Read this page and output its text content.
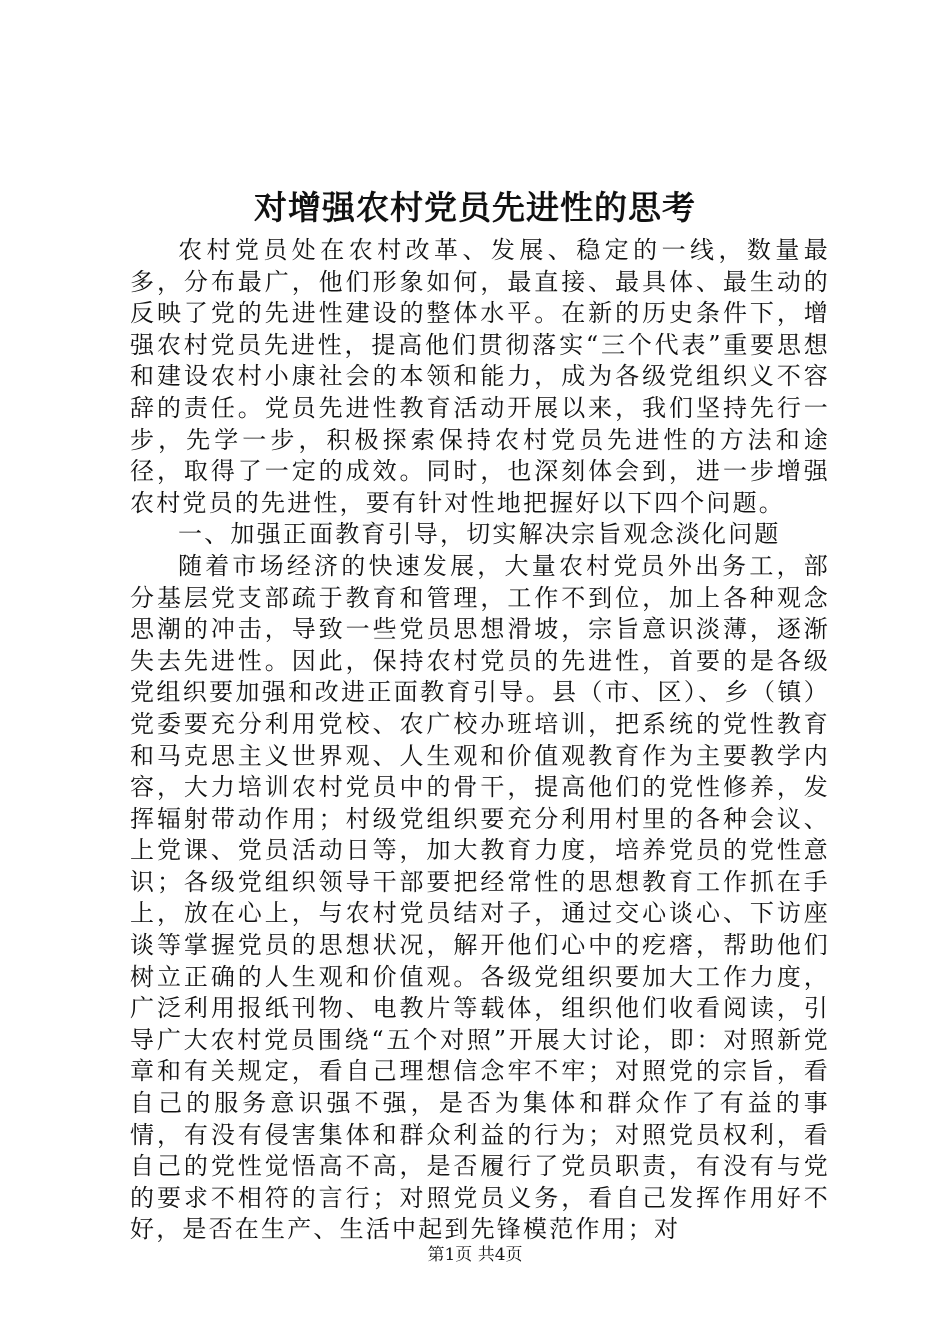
对增强农村党员先进性的思考

农村党员处在农村改革、发展、稳定的一线，数量最多，分布最广，他们形象如何，最直接、最具体、最生动的反映了党的先进性建设的整体水平。在新的历史条件下，增强农村党员先进性，提高他们贯彻落实“三个代表”重要思想和建设农村小康社会的本领和能力，成为各级党组织义不容辞的责任。党员先进性教育活动开展以来，我们坚持先行一步，先学一步，积极探索保持农村党员先进性的方法和途径，取得了一定的成效。同时，也深刻体会到，进一步增强农村党员的先进性，要有针对性地把握好以下四个问题。

一、加强正面教育引导，切实解决宗旨观念淡化问题

随着市场经济的快速发展，大量农村党员外出务工，部分基层党支部疏于教育和管理，工作不到位，加上各种观念思潮的冲击，导致一些党员思想滑坡，宗旨意识淡薄，逐渐失去先进性。因此，保持农村党员的先进性，首要的是各级党组织要加强和改进正面教育引导。县（市、区）、乡（镇）党委要充分利用党校、农广校办班培训，把系统的党性教育和马克思主义世界观、人生观和价值观教育作为主要教学内容，大力培训农村党员中的骨干，提高他们的党性修养，发挥辐射带动作用；村级党组织要充分利用村里的各种会议、上党课、党员活动日等，加大教育力度，培养党员的党性意识；各级党组织领导干部要把经常性的思想教育工作抓在手上，放在心上，与农村党员结对子，通过交心谈心、下访座谈等掌握党员的思想状况，解开他们心中的疙瘩，帮助他们树立正确的人生观和价值观。各级党组织要加大工作力度，广泛利用报纸刊物、电教片等载体，组织他们收看阅读，引导广大农村党员围绕“五个对照”开展大讨论，即：对照新党章和有关规定，看自己理想信念牢不牢；对照党的宗旨，看自己的服务意识强不强，是否为集体和群众作了有益的事情，有没有侵害集体和群众利益的行为；对照党员权利，看自己的党性觉悟高不高，是否履行了党员职责，有没有与党的要求不相符的言行；对照党员义务，看自己发挥作用好不好，是否在生产、生活中起到先锋模范作用；对

第1页 共4页
